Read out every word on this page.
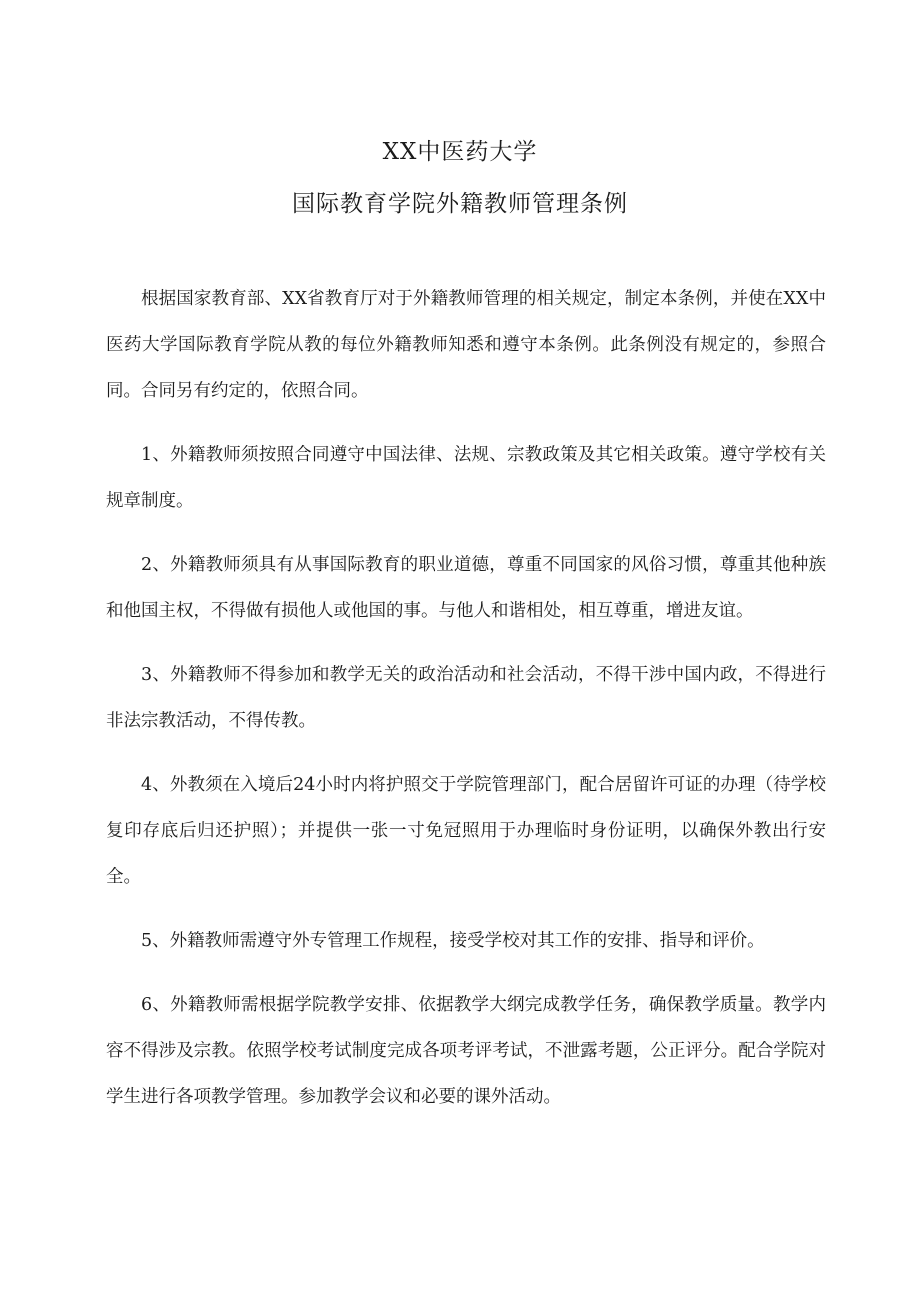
XX中医药大学
国际教育学院外籍教师管理条例

根据国家教育部、XX省教育厅对于外籍教师管理的相关规定，制定本条例，并使在XX中医药大学国际教育学院从教的每位外籍教师知悉和遵守本条例。此条例没有规定的，参照合同。合同另有约定的，依照合同。

1、外籍教师须按照合同遵守中国法律、法规、宗教政策及其它相关政策。遵守学校有关规章制度。

2、外籍教师须具有从事国际教育的职业道德，尊重不同国家的风俗习惯，尊重其他种族和他国主权，不得做有损他人或他国的事。与他人和谐相处，相互尊重，增进友谊。

3、外籍教师不得参加和教学无关的政治活动和社会活动，不得干涉中国内政，不得进行非法宗教活动，不得传教。

4、外教须在入境后24小时内将护照交于学院管理部门，配合居留许可证的办理（待学校复印存底后归还护照）；并提供一张一寸免冠照用于办理临时身份证明，以确保外教出行安全。

5、外籍教师需遵守外专管理工作规程，接受学校对其工作的安排、指导和评价。

6、外籍教师需根据学院教学安排、依据教学大纲完成教学任务，确保教学质量。教学内容不得涉及宗教。依照学校考试制度完成各项考评考试，不泄露考题，公正评分。配合学院对学生进行各项教学管理。参加教学会议和必要的课外活动。
